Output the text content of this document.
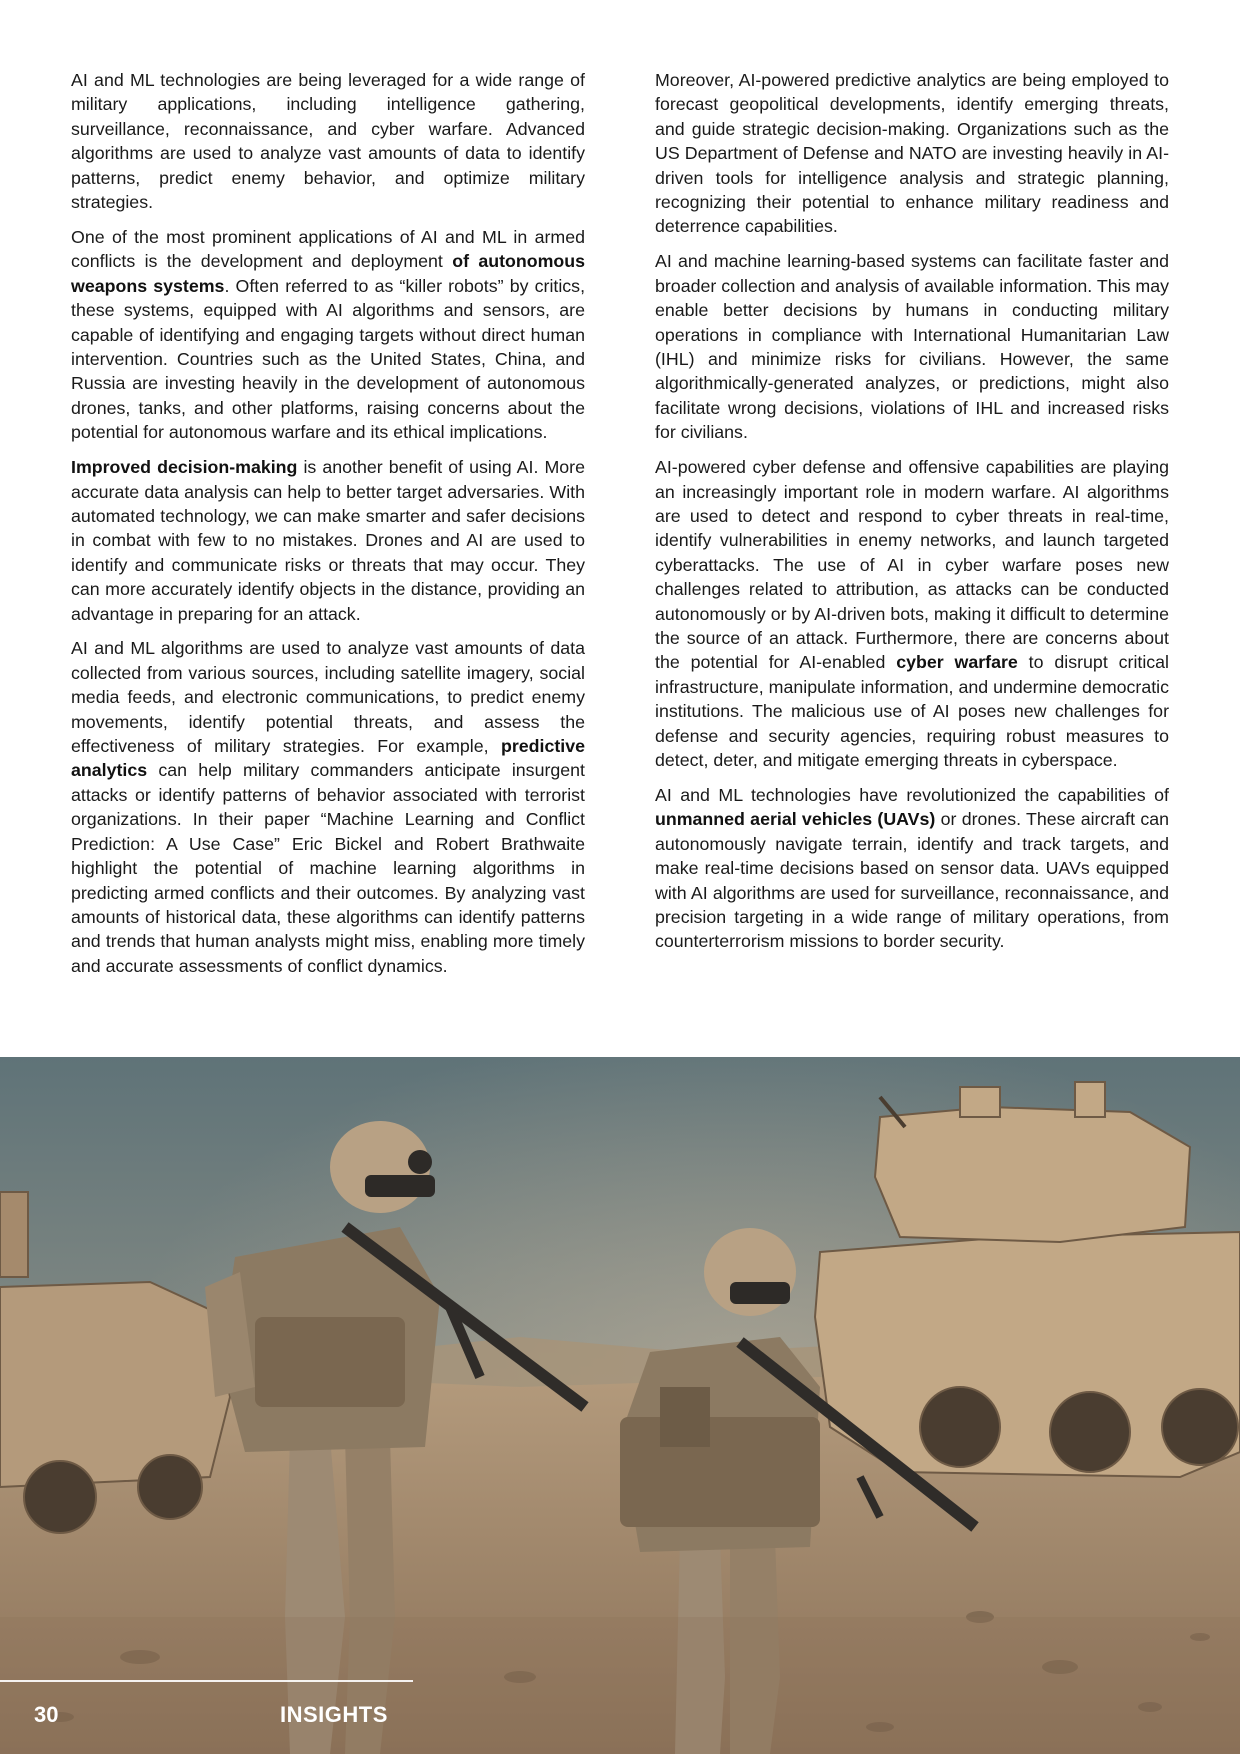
AI and ML technologies are being leveraged for a wide range of military applications, including intelligence gathering, surveillance, reconnaissance, and cyber warfare. Advanced algorithms are used to analyze vast amounts of data to identify patterns, predict enemy behavior, and optimize military strategies.

One of the most prominent applications of AI and ML in armed conflicts is the development and deployment of autonomous weapons systems. Often referred to as “killer robots” by critics, these systems, equipped with AI algorithms and sensors, are capable of identifying and engaging targets without direct human intervention. Countries such as the United States, China, and Russia are investing heavily in the development of autonomous drones, tanks, and other platforms, raising concerns about the potential for autonomous warfare and its ethical implications.

Improved decision-making is another benefit of using AI. More accurate data analysis can help to better target adversaries. With automated technology, we can make smarter and safer decisions in combat with few to no mistakes. Drones and AI are used to identify and communicate risks or threats that may occur. They can more accurately identify objects in the distance, providing an advantage in preparing for an attack.

AI and ML algorithms are used to analyze vast amounts of data collected from various sources, including satellite imagery, social media feeds, and electronic communications, to predict enemy movements, identify potential threats, and assess the effectiveness of military strategies. For example, predictive analytics can help military commanders anticipate insurgent attacks or identify patterns of behavior associated with terrorist organizations. In their paper “Machine Learning and Conflict Prediction: A Use Case” Eric Bickel and Robert Brathwaite highlight the potential of machine learning algorithms in predicting armed conflicts and their outcomes. By analyzing vast amounts of historical data, these algorithms can identify patterns and trends that human analysts might miss, enabling more timely and accurate assessments of conflict dynamics.

Moreover, AI-powered predictive analytics are being employed to forecast geopolitical developments, identify emerging threats, and guide strategic decision-making. Organizations such as the US Department of Defense and NATO are investing heavily in AI-driven tools for intelligence analysis and strategic planning, recognizing their potential to enhance military readiness and deterrence capabilities.

AI and machine learning-based systems can facilitate faster and broader collection and analysis of available information. This may enable better decisions by humans in conducting military operations in compliance with International Humanitarian Law (IHL) and minimize risks for civilians. However, the same algorithmically-generated analyzes, or predictions, might also facilitate wrong decisions, violations of IHL and increased risks for civilians.

AI-powered cyber defense and offensive capabilities are playing an increasingly important role in modern warfare. AI algorithms are used to detect and respond to cyber threats in real-time, identify vulnerabilities in enemy networks, and launch targeted cyberattacks. The use of AI in cyber warfare poses new challenges related to attribution, as attacks can be conducted autonomously or by AI-driven bots, making it difficult to determine the source of an attack. Furthermore, there are concerns about the potential for AI-enabled cyber warfare to disrupt critical infrastructure, manipulate information, and undermine democratic institutions. The malicious use of AI poses new challenges for defense and security agencies, requiring robust measures to detect, deter, and mitigate emerging threats in cyberspace.

AI and ML technologies have revolutionized the capabilities of unmanned aerial vehicles (UAVs) or drones. These aircraft can autonomously navigate terrain, identify and track targets, and make real-time decisions based on sensor data. UAVs equipped with AI algorithms are used for surveillance, reconnaissance, and precision targeting in a wide range of military operations, from counterterrorism missions to border security.

30	INSIGHTS
